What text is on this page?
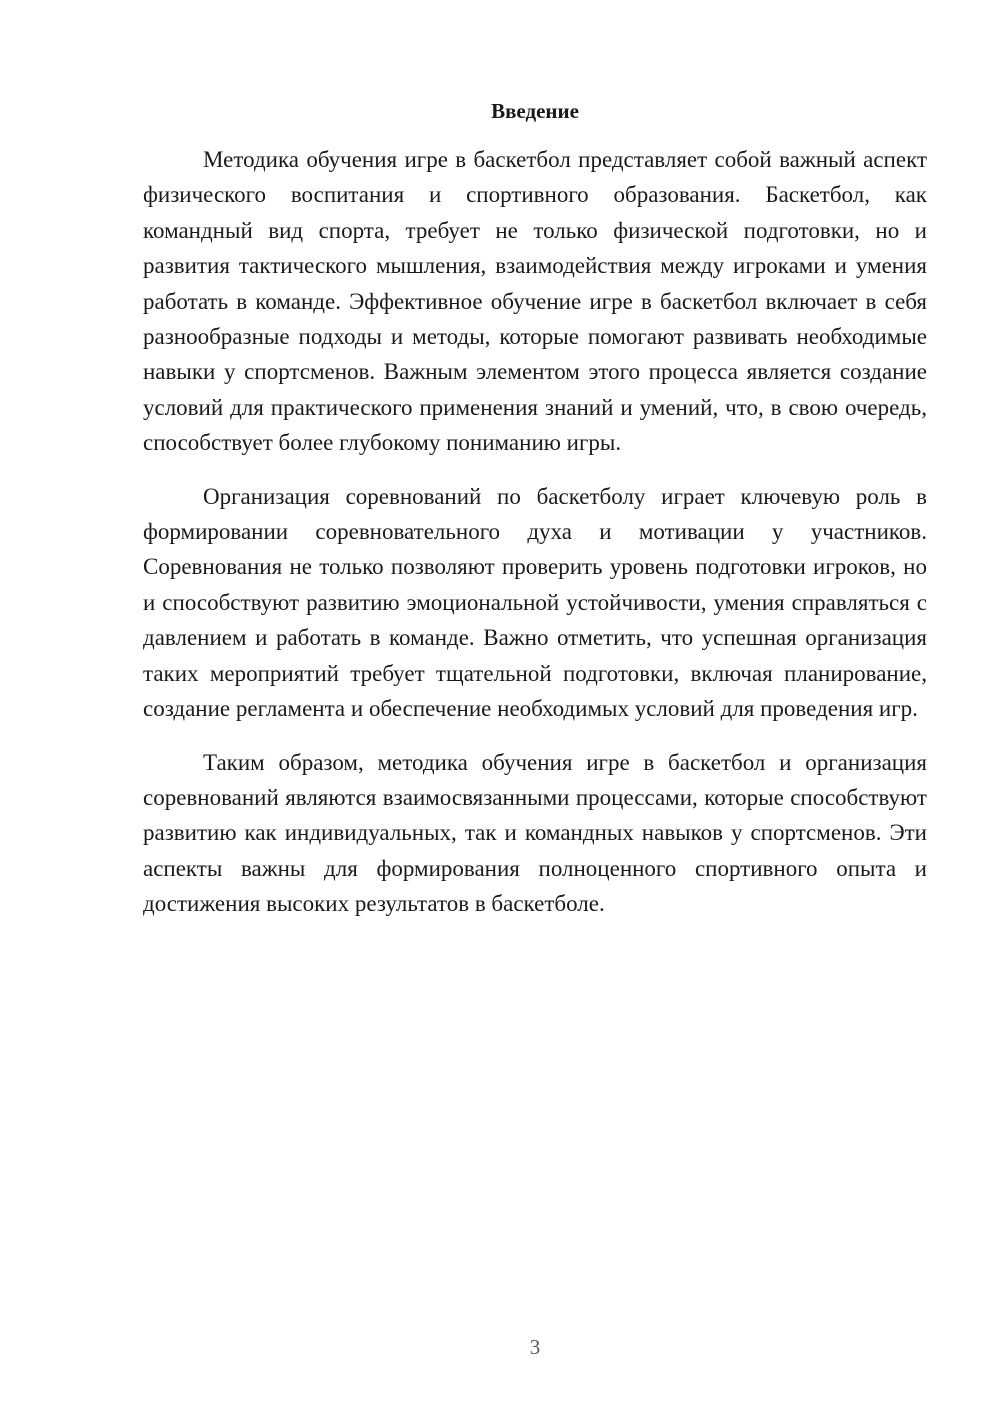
Введение

Методика обучения игре в баскетбол представляет собой важный аспект физического воспитания и спортивного образования. Баскетбол, как командный вид спорта, требует не только физической подготовки, но и развития тактического мышления, взаимодействия между игроками и умения работать в команде. Эффективное обучение игре в баскетбол включает в себя разнообразные подходы и методы, которые помогают развивать необходимые навыки у спортсменов. Важным элементом этого процесса является создание условий для практического применения знаний и умений, что, в свою очередь, способствует более глубокому пониманию игры.

Организация соревнований по баскетболу играет ключевую роль в формировании соревновательного духа и мотивации у участников. Соревнования не только позволяют проверить уровень подготовки игроков, но и способствуют развитию эмоциональной устойчивости, умения справляться с давлением и работать в команде. Важно отметить, что успешная организация таких мероприятий требует тщательной подготовки, включая планирование, создание регламента и обеспечение необходимых условий для проведения игр.

Таким образом, методика обучения игре в баскетбол и организация соревнований являются взаимосвязанными процессами, которые способствуют развитию как индивидуальных, так и командных навыков у спортсменов. Эти аспекты важны для формирования полноценного спортивного опыта и достижения высоких результатов в баскетболе.

3
